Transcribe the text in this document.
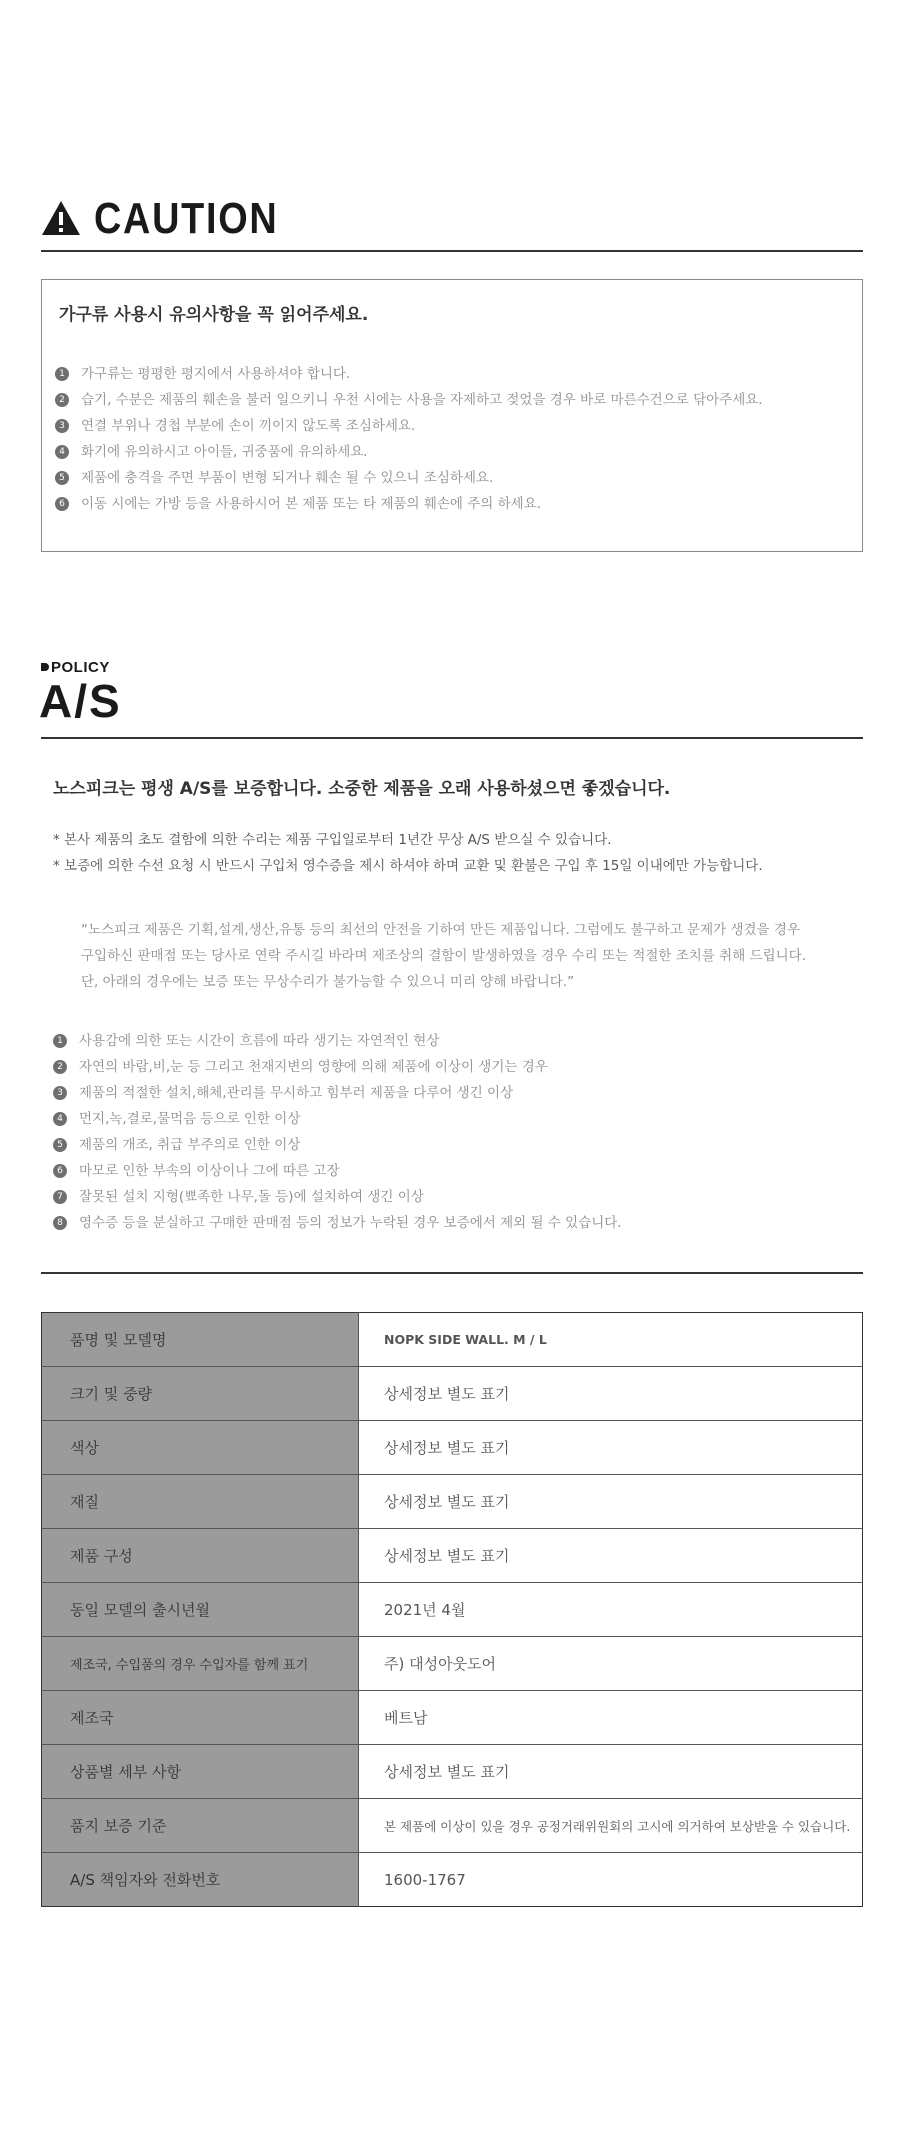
CAUTION
가구류 사용시 유의사항을 꼭 읽어주세요.
1	가구류는 평평한 평지에서 사용하셔야 합니다.
2	습기, 수분은 제품의 훼손을 불러 일으키니 우천 시에는 사용을 자제하고 젖었을 경우 바로 마른수건으로 닦아주세요.
3	연결 부위나 경첩 부분에 손이 끼이지 않도록 조심하세요.
4	화기에 유의하시고 아이들, 귀중품에 유의하세요.
5	제품에 충격을 주면 부품이 변형 되거나 훼손 될 수 있으니 조심하세요.
6	이동 시에는 가방 등을 사용하시어 본 제품 또는 타 제품의 훼손에 주의 하세요.
POLICY
A/S
노스피크는 평생 A/S를 보증합니다. 소중한 제품을 오래 사용하셨으면 좋겠습니다.
* 본사 제품의 초도 결함에 의한 수리는 제품 구입일로부터 1년간 무상 A/S 받으실 수 있습니다.
* 보증에 의한 수선 요청 시 반드시 구입처 영수증을 제시 하셔야 하며 교환 및 환불은 구입 후 15일 이내에만 가능합니다.

“노스피크 제품은 기획,설계,생산,유통 등의 최선의 안전을 기하여 만든 제품입니다. 그럼에도 불구하고 문제가 생겼을 경우

구입하신 판매점 또는 당사로 연락 주시길 바라며 제조상의 결함이 발생하였을 경우 수리 또는 적절한 조치를 취해 드립니다.

단, 아래의 경우에는 보증 또는 무상수리가 불가능할 수 있으니 미리 양해 바랍니다.”

1	사용감에 의한 또는 시간이 흐름에 따라 생기는 자연적인 현상
2	자연의 바람,비,눈 등 그리고 천재지변의 영향에 의해 제품에 이상이 생기는 경우
3	제품의 적절한 설치,해체,관리를 무시하고 힘부러 제품을 다루어 생긴 이상
4	먼지,녹,결로,물먹음 등으로 인한 이상
5	제품의 개조, 취급 부주의로 인한 이상
6	마모로 인한 부속의 이상이나 그에 따른 고장
7	잘못된 설치 지형(뾰족한 나무,돌 등)에 설치하여 생긴 이상
8	영수증 등을 분실하고 구매한 판매점 등의 정보가 누락된 경우 보증에서 제외 될 수 있습니다.
품명 및 모델명	NOPK SIDE WALL. M / L
크기 및 중량	상세정보 별도 표기
색상	상세정보 별도 표기
재질	상세정보 별도 표기
제품 구성	상세정보 별도 표기
동일 모델의 출시년월	2021년 4월
제조국, 수입품의 경우 수입자를 함께 표기	주) 대성아웃도어
제조국	베트남
상품별 세부 사항	상세정보 별도 표기
품지 보증 기준	본 제품에 이상이 있을 경우 공정거래위원회의 고시에 의거하여 보상받을 수 있습니다.
A/S 책임자와 전화번호	1600-1767
